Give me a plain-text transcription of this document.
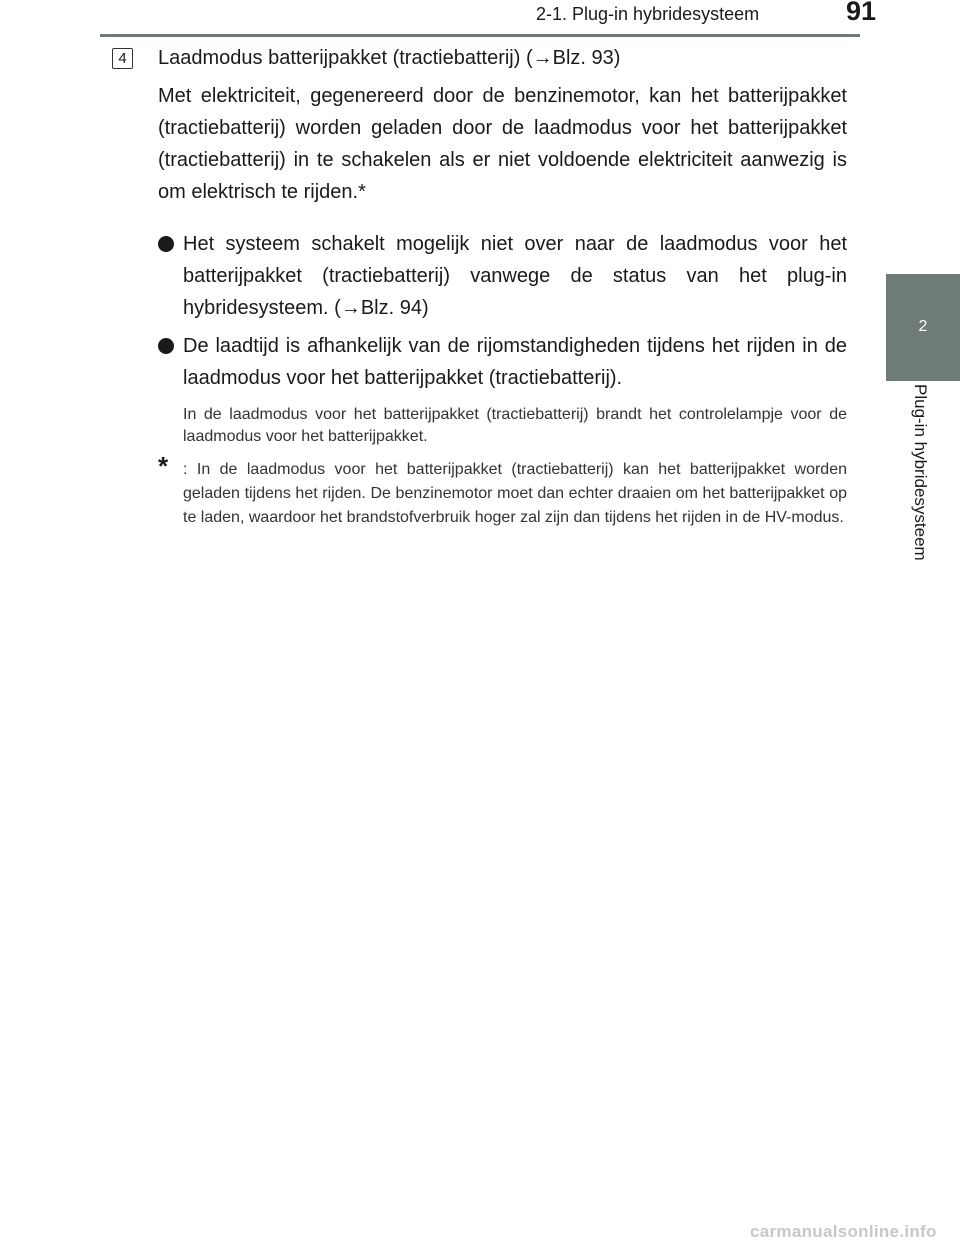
2-1. Plug-in hybridesysteem	91
2
Plug-in hybridesysteem
4	Laadmodus batterijpakket (tractiebatterij) (→Blz. 93)

Met elektriciteit, gegenereerd door de benzinemotor, kan het batterijpakket (tractiebatterij) worden geladen door de laadmodus voor het batterijpakket (tractiebatterij) in te schakelen als er niet voldoende elektriciteit aanwezig is om elektrisch te rijden.*

Het systeem schakelt mogelijk niet over naar de laadmodus voor het batterijpakket (tractiebatterij) vanwege de status van het plug-in hybridesysteem. (→Blz. 94)
De laadtijd is afhankelijk van de rijomstandigheden tijdens het rijden in de laadmodus voor het batterijpakket (tractiebatterij).

In de laadmodus voor het batterijpakket (tractiebatterij) brandt het controlelampje voor de laadmodus voor het batterijpakket.

* : In de laadmodus voor het batterijpakket (tractiebatterij) kan het batterijpakket worden geladen tijdens het rijden. De benzinemotor moet dan echter draaien om het batterijpakket op te laden, waardoor het brandstofverbruik hoger zal zijn dan tijdens het rijden in de HV-modus.
carmanualsonline.info
